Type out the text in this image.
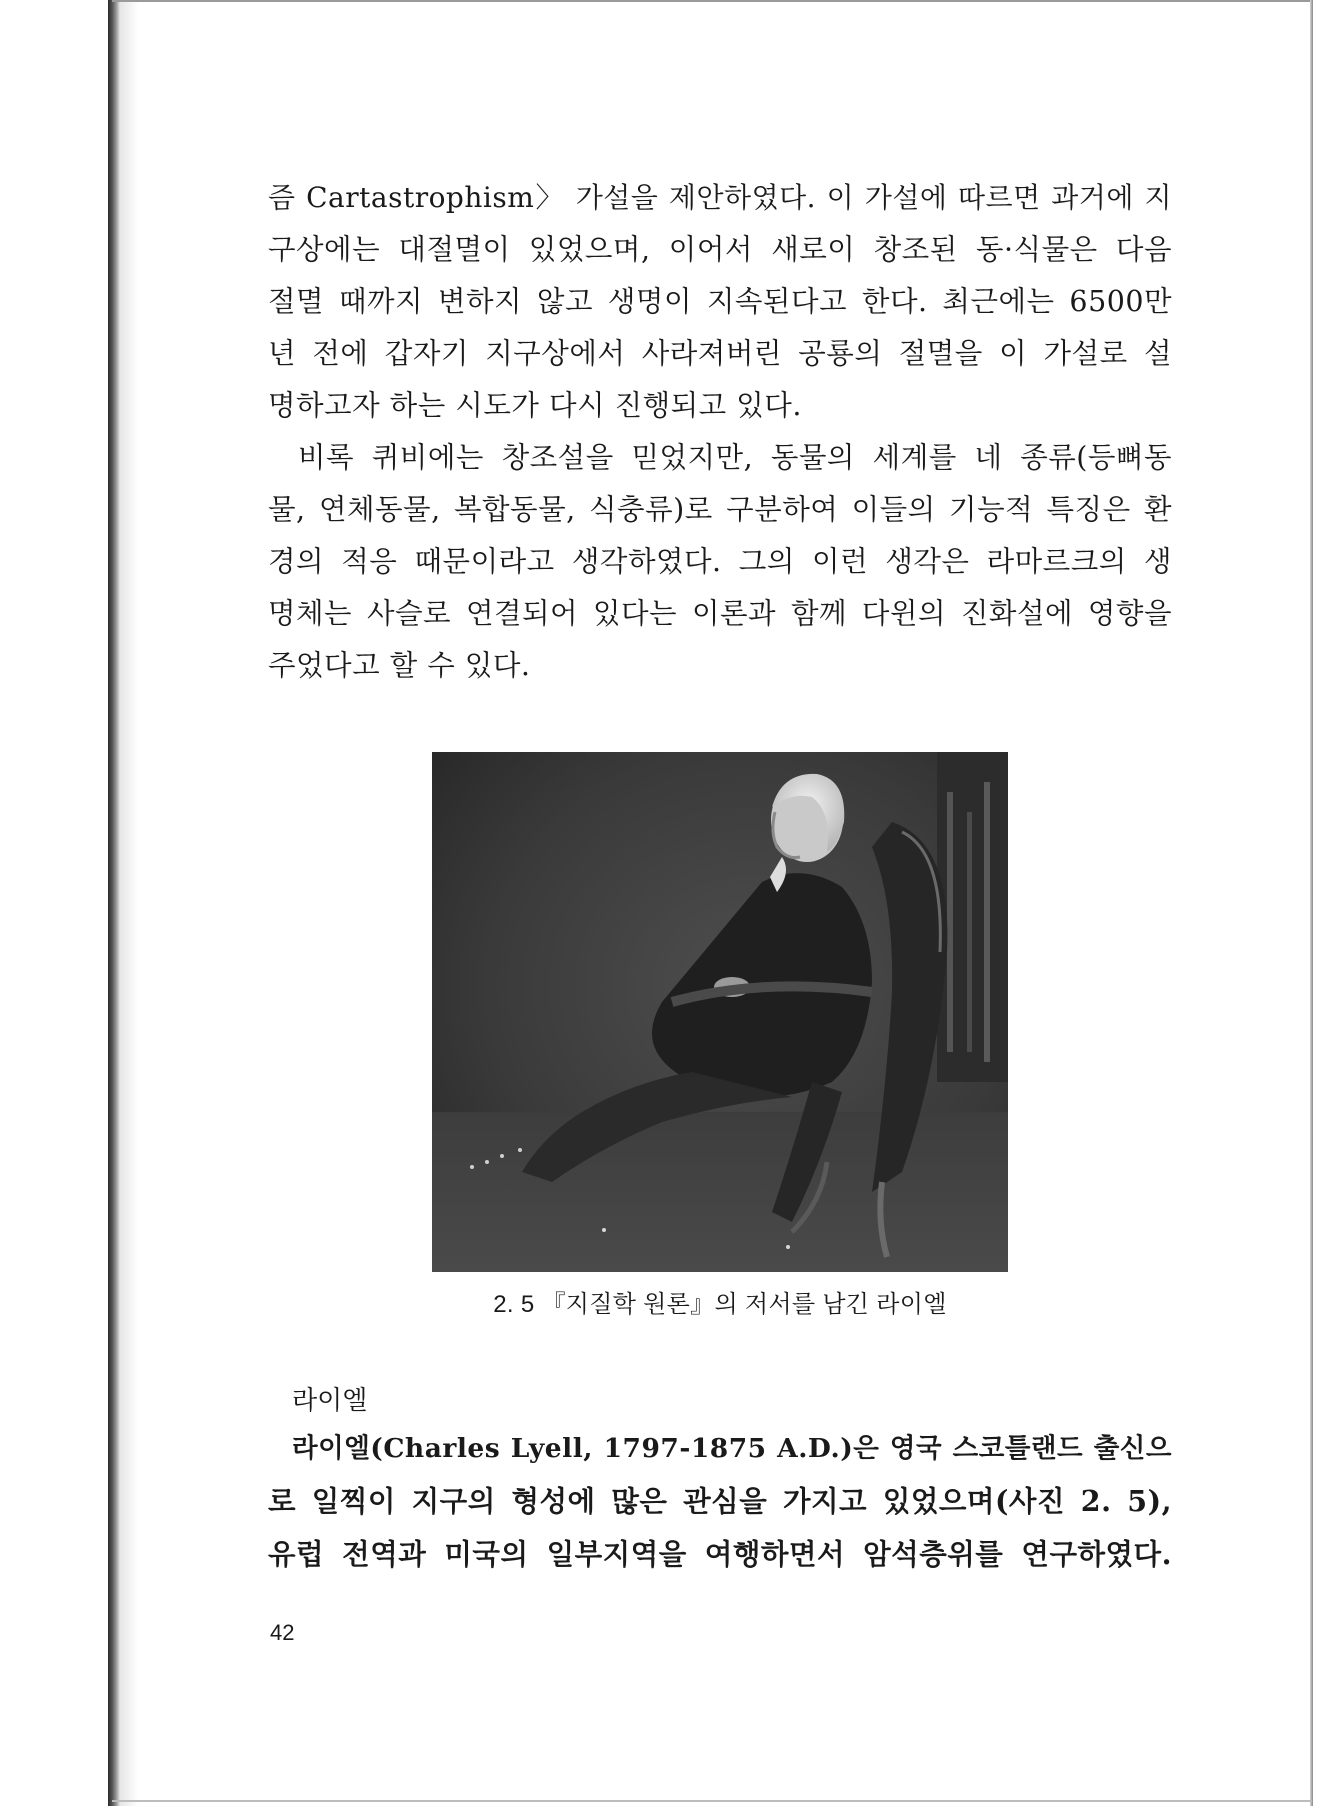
즘 Cartastrophism〉 가설을 제안하였다. 이 가설에 따르면 과거에 지
구상에는 대절멸이 있었으며, 이어서 새로이 창조된 동·식물은 다음
절멸 때까지 변하지 않고 생명이 지속된다고 한다. 최근에는 6500만
년 전에 갑자기 지구상에서 사라져버린 공룡의 절멸을 이 가설로 설
명하고자 하는 시도가 다시 진행되고 있다.
비록 퀴비에는 창조설을 믿었지만, 동물의 세계를 네 종류(등뼈동
물, 연체동물, 복합동물, 식충류)로 구분하여 이들의 기능적 특징은 환
경의 적응 때문이라고 생각하였다. 그의 이런 생각은 라마르크의 생
명체는 사슬로 연결되어 있다는 이론과 함께 다윈의 진화설에 영향을
주었다고 할 수 있다.
2. 5 『지질학 원론』의 저서를 남긴 라이엘
라이엘
라이엘(Charles Lyell, 1797-1875 A.D.)은 영국 스코틀랜드 출신으
로 일찍이 지구의 형성에 많은 관심을 가지고 있었으며(사진 2. 5),
유럽 전역과 미국의 일부지역을 여행하면서 암석층위를 연구하였다.
42
